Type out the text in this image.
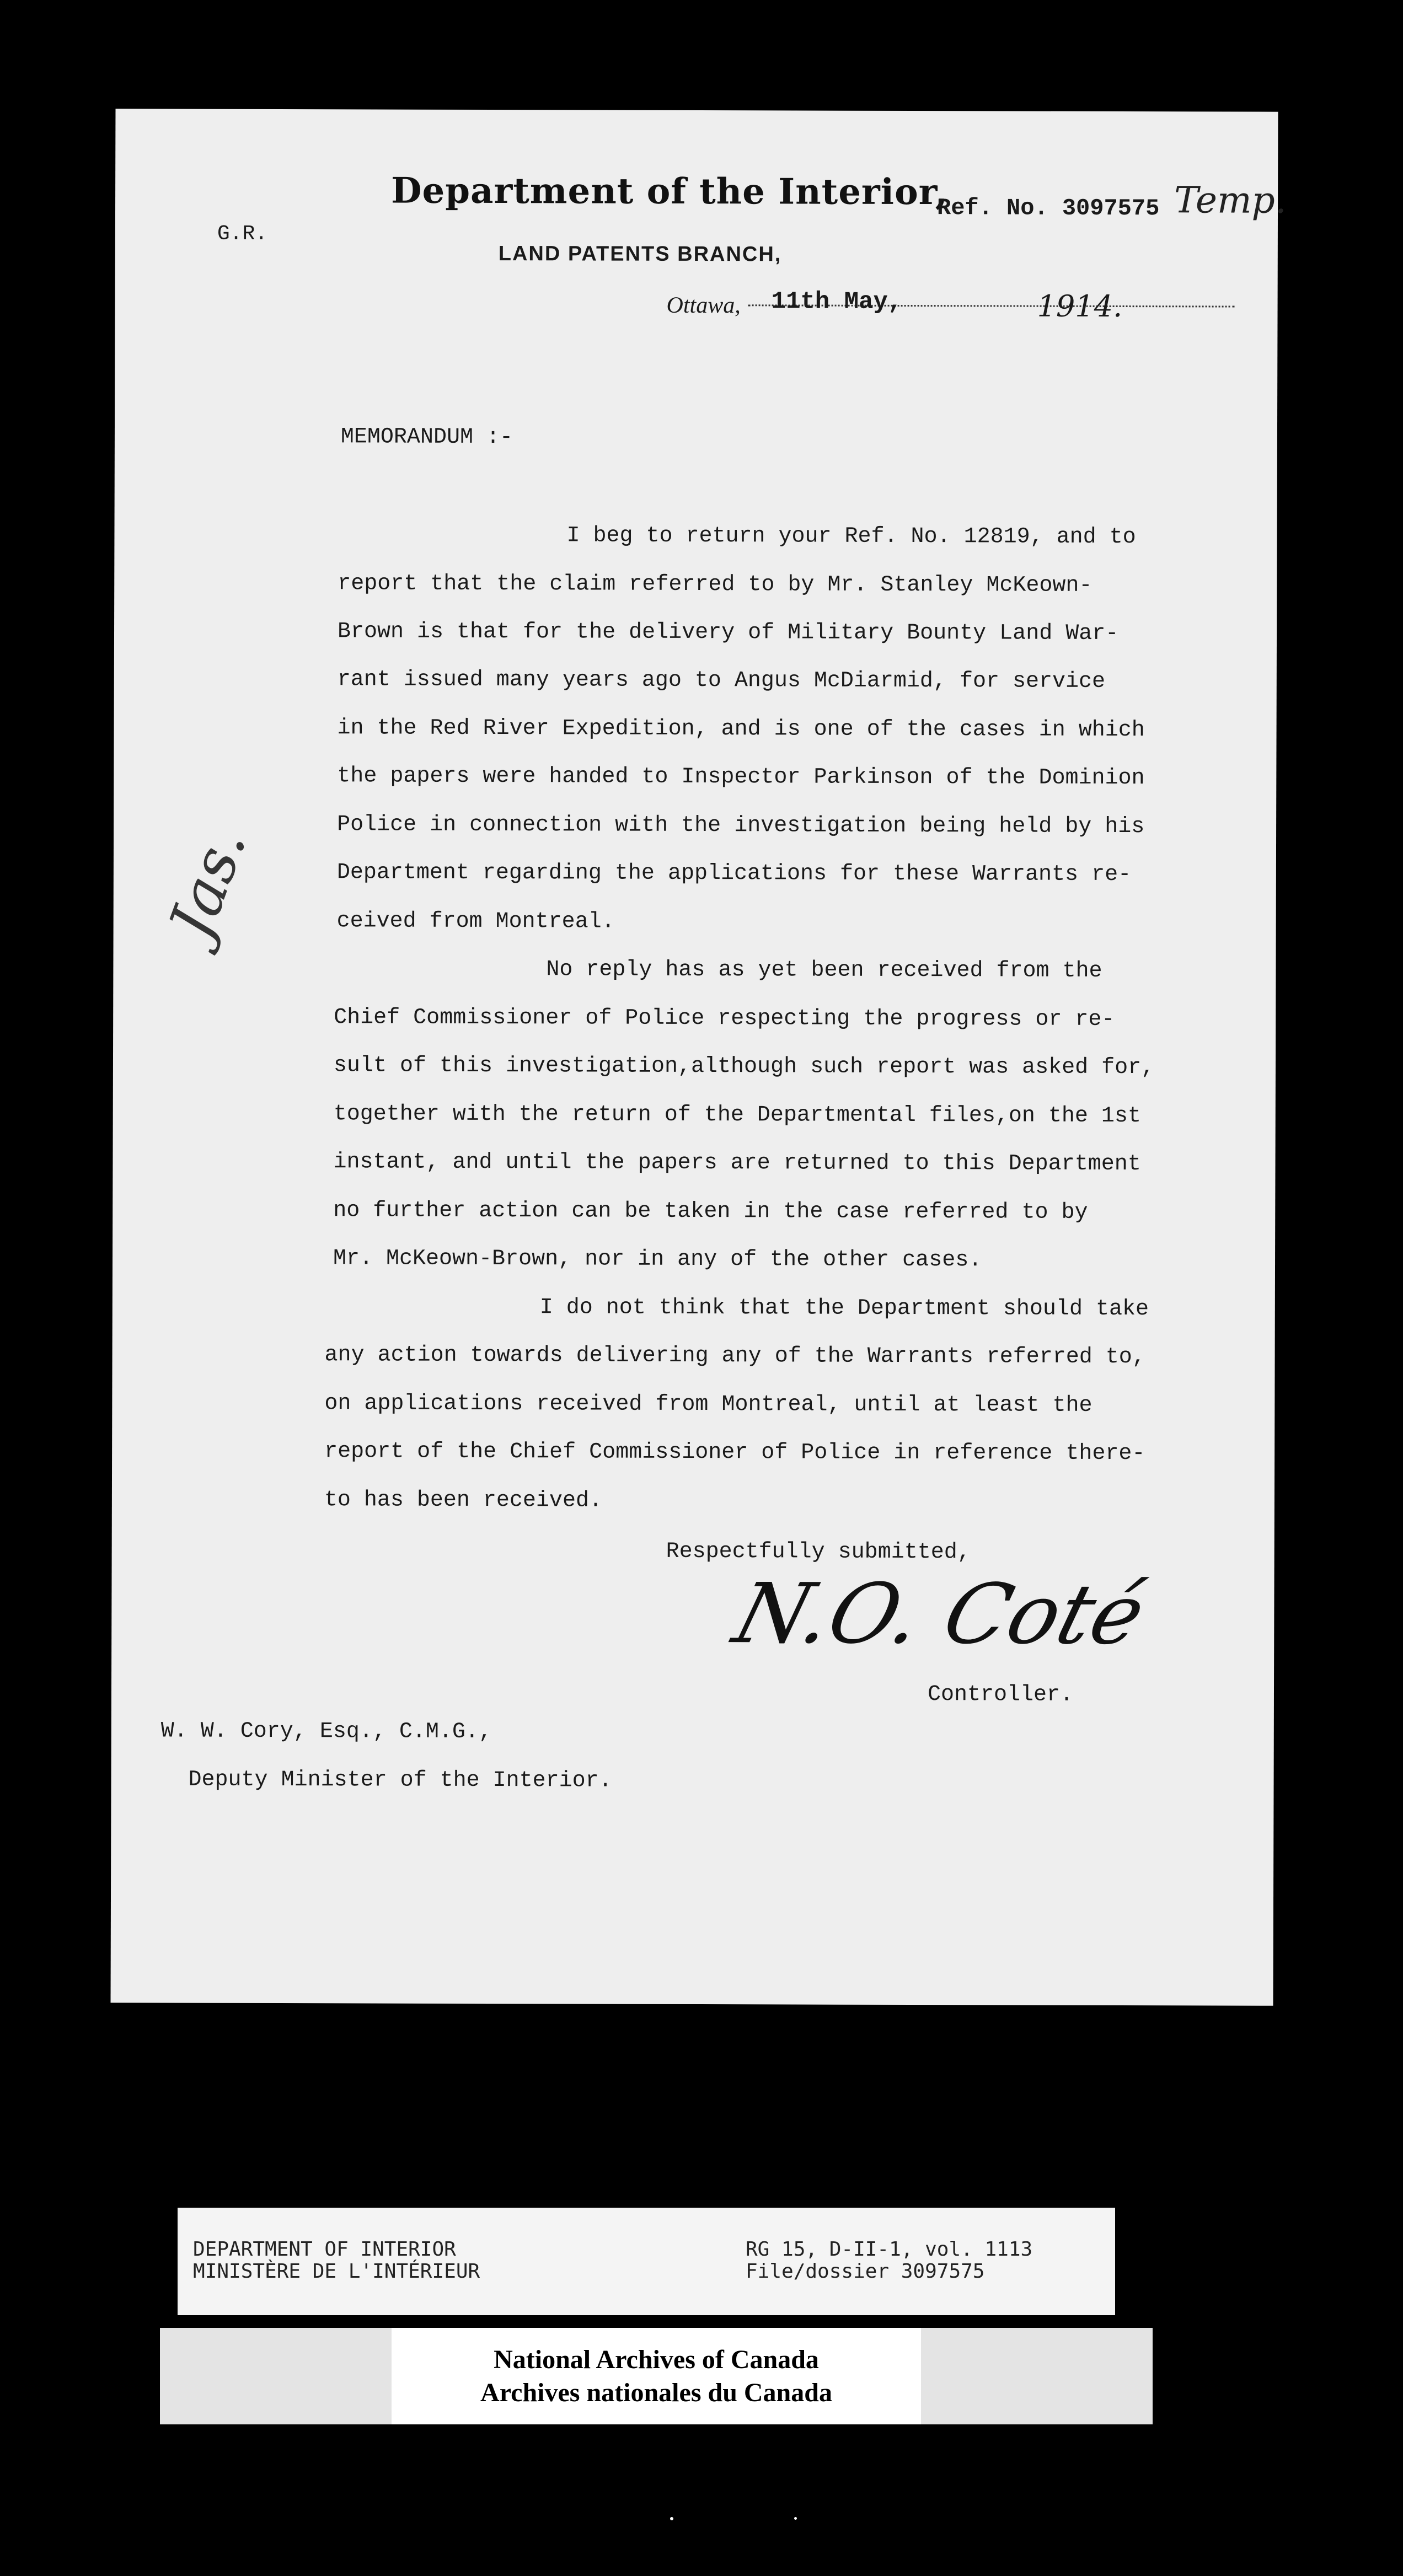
Department of the Interior,
Ref. No. 3097575 Temp.
G.R.
LAND PATENTS BRANCH,
Ottawa, 11th May,	1914.
MEMORANDUM :-
I beg to return your Ref. No. 12819, and to
report that the claim referred to by Mr. Stanley McKeown-
Brown is that for the delivery of Military Bounty Land War-
rant issued many years ago to Angus McDiarmid, for service
in the Red River Expedition, and is one of the cases in which
the papers were handed to Inspector Parkinson of the Dominion
Police in connection with the investigation being held by his
Department regarding the applications for these Warrants re-
ceived from Montreal.
No reply has as yet been received from the
Chief Commissioner of Police respecting the progress or re-
sult of this investigation,although such report was asked for,
together with the return of the Departmental files,on the 1st
instant, and until the papers are returned to this Department
no further action can be taken in the case referred to by
Mr. McKeown-Brown, nor in any of the other cases.
I do not think that the Department should take
any action towards delivering any of the Warrants referred to,
on applications received from Montreal, until at least the
report of the Chief Commissioner of Police in reference there-
to has been received.
Jas.
Respectfully submitted,
N.O. Coté
Controller.
W. W. Cory, Esq., C.M.G.,
Deputy Minister of the Interior.
DEPARTMENT OF INTERIOR
MINISTÈRE DE L'INTÉRIEUR
RG 15, D-II-1, vol. 1113
File/dossier 3097575
National Archives of Canada
Archives nationales du Canada
